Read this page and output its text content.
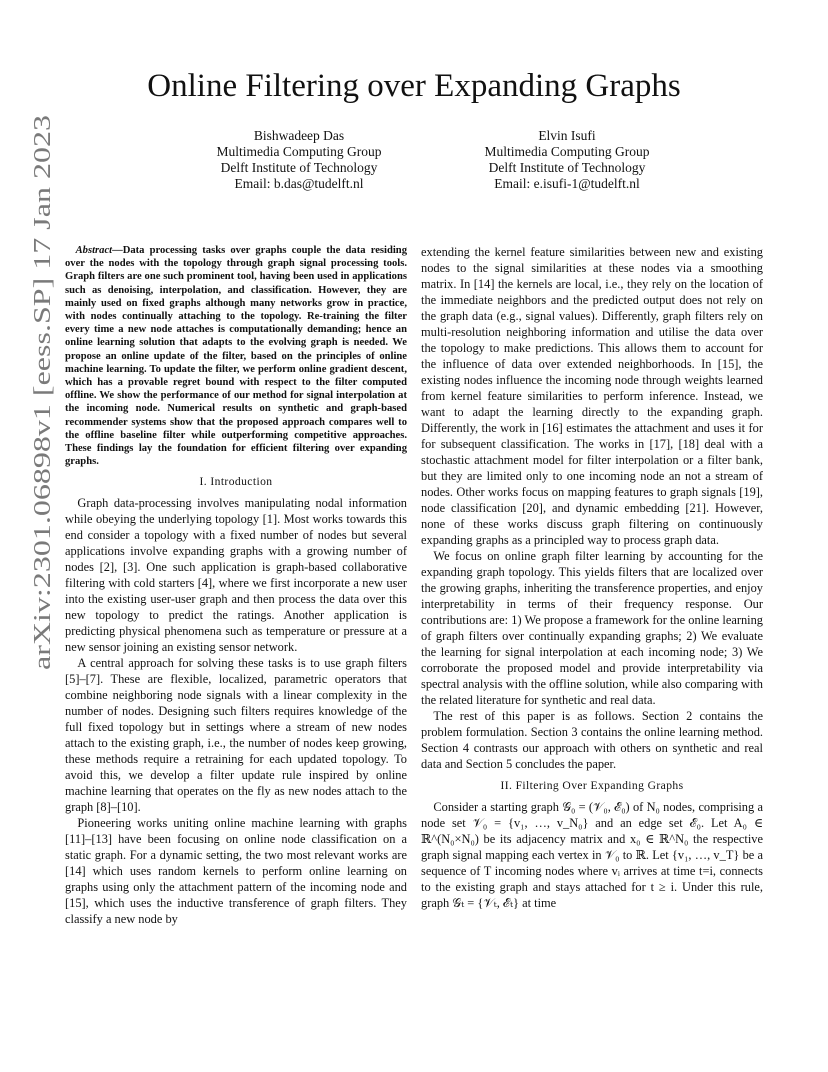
arXiv:2301.06898v1 [eess.SP] 17 Jan 2023
Online Filtering over Expanding Graphs
Bishwadeep Das
Multimedia Computing Group
Delft Institute of Technology
Email: b.das@tudelft.nl
Elvin Isufi
Multimedia Computing Group
Delft Institute of Technology
Email: e.isufi-1@tudelft.nl

Abstract—Data processing tasks over graphs couple the data residing over the nodes with the topology through graph signal processing tools. Graph filters are one such prominent tool, having been used in applications such as denoising, interpolation, and classification. However, they are mainly used on fixed graphs although many networks grow in practice, with nodes continually attaching to the topology. Re-training the filter every time a new node attaches is computationally demanding; hence an online learning solution that adapts to the evolving graph is needed. We propose an online update of the filter, based on the principles of online machine learning. To update the filter, we perform online gradient descent, which has a provable regret bound with respect to the filter computed offline. We show the performance of our method for signal interpolation at the incoming node. Numerical results on synthetic and graph-based recommender systems show that the proposed approach compares well to the offline baseline filter while outperforming competitive approaches. These findings lay the foundation for efficient filtering over expanding graphs.

I. Introduction

Graph data-processing involves manipulating nodal information while obeying the underlying topology [1]. Most works towards this end consider a topology with a fixed number of nodes but several applications involve expanding graphs with a growing number of nodes [2], [3]. One such application is graph-based collaborative filtering with cold starters [4], where we first incorporate a new user into the existing user-user graph and then process the data over this new topology to predict the ratings. Another application is predicting physical phenomena such as temperature or pressure at a new sensor joining an existing sensor network.

A central approach for solving these tasks is to use graph filters [5]–[7]. These are flexible, localized, parametric operators that combine neighboring node signals with a linear complexity in the number of nodes. Designing such filters requires knowledge of the full fixed topology but in settings where a stream of new nodes attach to the existing graph, i.e., the number of nodes keep growing, these methods require a retraining for each updated topology. To avoid this, we develop a filter update rule inspired by online machine learning that operates on the fly as new nodes attach to the graph [8]–[10].

Pioneering works uniting online machine learning with graphs [11]–[13] have been focusing on online node classification on a static graph. For a dynamic setting, the two most relevant works are [14] which uses random kernels to perform online learning on graphs using only the attachment pattern of the incoming node and [15], which uses the inductive transference of graph filters. They classify a new node by

extending the kernel feature similarities between new and existing nodes to the signal similarities at these nodes via a smoothing matrix. In [14] the kernels are local, i.e., they rely on the location of the immediate neighbors and the predicted output does not rely on the graph data (e.g., signal values). Differently, graph filters rely on multi-resolution neighboring information and utilise the data over the topology to make predictions. This allows them to account for the influence of data over extended neighborhoods. In [15], the existing nodes influence the incoming node through weights learned from kernel feature similarities to perform inference. Instead, we want to adapt the learning directly to the expanding graph. Differently, the work in [16] estimates the attachment and uses it for for subsequent classification. The works in [17], [18] deal with a stochastic attachment model for filter interpolation or a filter bank, but they are limited only to one incoming node an not a stream of nodes. Other works focus on mapping features to graph signals [19], node classification [20], and dynamic embedding [21]. However, none of these works discuss graph filtering on continuously expanding graphs as a principled way to process graph data.

We focus on online graph filter learning by accounting for the expanding graph topology. This yields filters that are localized over the growing graphs, inheriting the transference properties, and enjoy interpretability in terms of their frequency response. Our contributions are: 1) We propose a framework for the online learning of graph filters over continually expanding graphs; 2) We evaluate the learning for signal interpolation at each incoming node; 3) We corroborate the proposed model and provide interpretability via spectral analysis with the offline solution, while also comparing with the related literature for synthetic and real data.

The rest of this paper is as follows. Section 2 contains the problem formulation. Section 3 contains the online learning method. Section 4 contrasts our approach with others on synthetic and real data and Section 5 concludes the paper.

II. Filtering Over Expanding Graphs

Consider a starting graph 𝒢₀ = (𝒱₀, ℰ₀) of N₀ nodes, comprising a node set 𝒱₀ = {v₁, …, v_N₀} and an edge set ℰ₀. Let A₀ ∈ ℝ^(N₀×N₀) be its adjacency matrix and x₀ ∈ ℝ^N₀ the respective graph signal mapping each vertex in 𝒱₀ to ℝ. Let {v₁, …, v_T} be a sequence of T incoming nodes where vᵢ arrives at time t=i, connects to the existing graph and stays attached for t ≥ i. Under this rule, graph 𝒢ₜ = {𝒱ₜ, ℰₜ} at time
